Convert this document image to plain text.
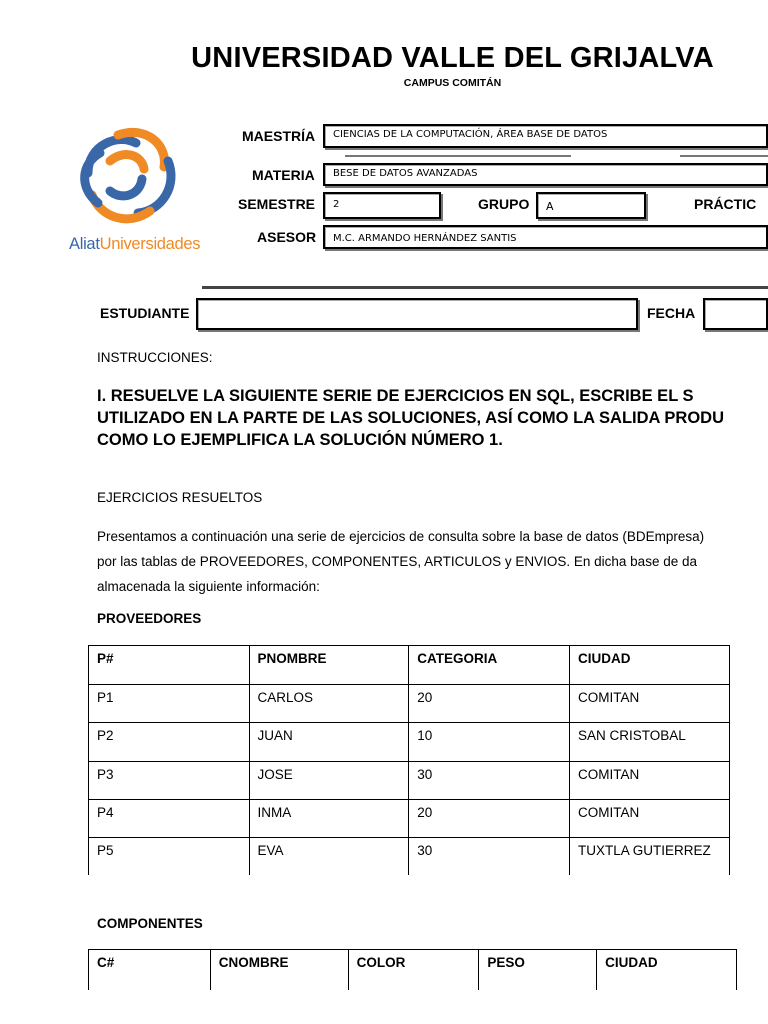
UNIVERSIDAD VALLE DEL GRIJALVA
CAMPUS COMITÁN
AliatUniversidades
MAESTRÍA	CIENCIAS DE LA COMPUTACIÓN, ÁREA BASE DE DATOS
MATERIA	BESE DE DATOS AVANZADAS
SEMESTRE	2	GRUPO	A	PRÁCTIC
ASESOR	M.C. ARMANDO HERNÁNDEZ SANTIS
ESTUDIANTE	FECHA
INSTRUCCIONES:
I. RESUELVE LA SIGUIENTE SERIE DE EJERCICIOS EN SQL, ESCRIBE EL S
UTILIZADO EN LA PARTE DE LAS SOLUCIONES, ASÍ COMO LA SALIDA PRODU
COMO LO EJEMPLIFICA LA SOLUCIÓN NÚMERO 1.
EJERCICIOS RESUELTOS
Presentamos a continuación una serie de ejercicios de consulta sobre la base de datos (BDEmpresa)
por las tablas de PROVEEDORES, COMPONENTES, ARTICULOS y ENVIOS. En dicha base de da
almacenada la siguiente información:
PROVEEDORES
P#	PNOMBRE	CATEGORIA	CIUDAD
P1	CARLOS	20	COMITAN
P2	JUAN	10	SAN CRISTOBAL
P3	JOSE	30	COMITAN
P4	INMA	20	COMITAN
P5	EVA	30	TUXTLA GUTIERREZ
COMPONENTES
C#	CNOMBRE	COLOR	PESO	CIUDAD
